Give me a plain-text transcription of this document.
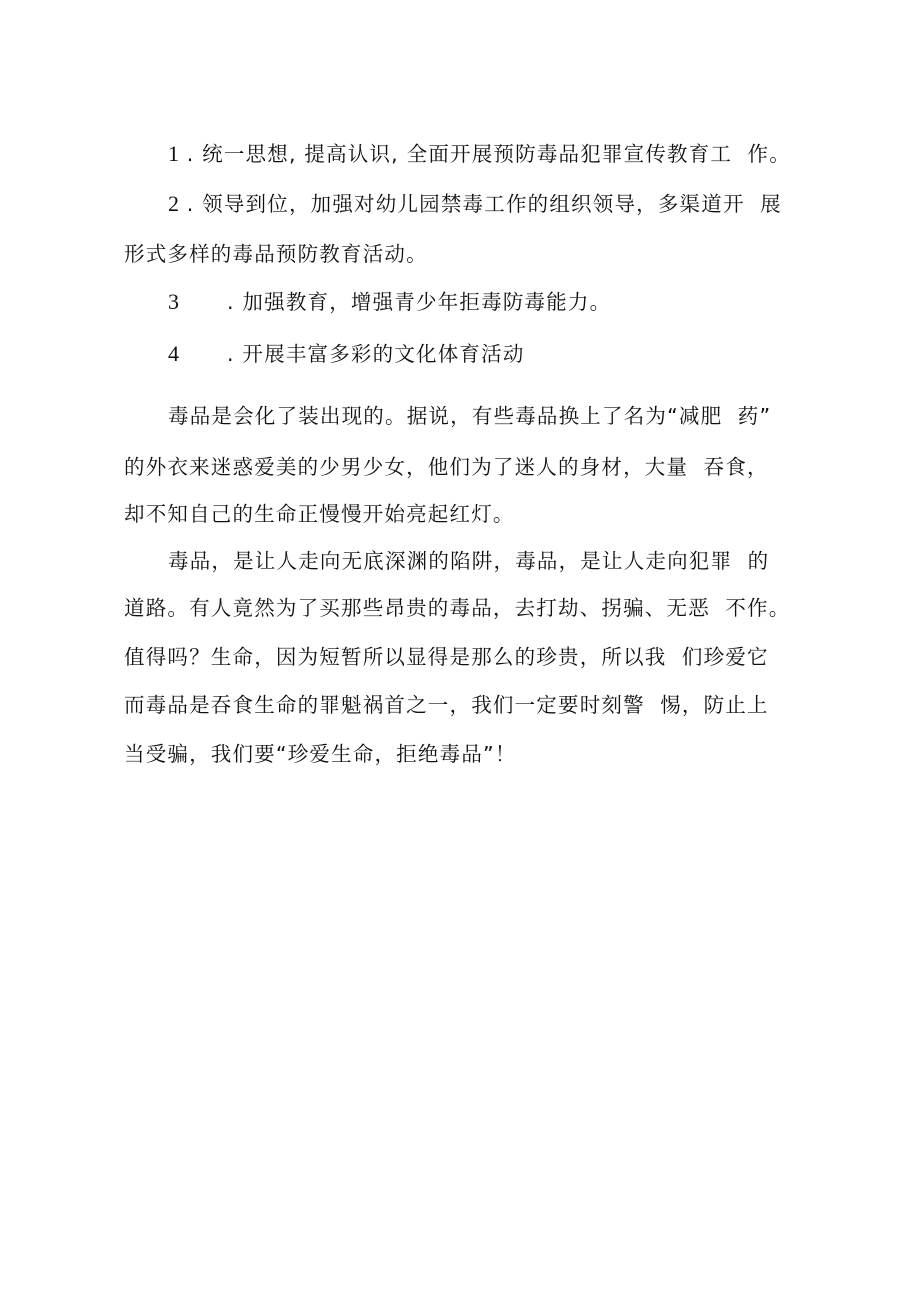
1 . 统一思想, 提高认识, 全面开展预防毒品犯罪宣传教育工  作。
2 . 领导到位，加强对幼儿园禁毒工作的组织领导，多渠道开  展
形式多样的毒品预防教育活动。
3 . 加强教育，增强青少年拒毒防毒能力。
4 . 开展丰富多彩的文化体育活动
毒品是会化了装出现的。据说，有些毒品换上了名为“减肥  药”
的外衣来迷惑爱美的少男少女，他们为了迷人的身材，大量  吞食，
却不知自己的生命正慢慢开始亮起红灯。
毒品，是让人走向无底深渊的陷阱，毒品，是让人走向犯罪  的
道路。有人竟然为了买那些昂贵的毒品，去打劫、拐骗、无恶  不作。
值得吗？生命，因为短暂所以显得是那么的珍贵，所以我  们珍爱它
而毒品是吞食生命的罪魁祸首之一，我们一定要时刻警  惕，防止上
当受骗，我们要“珍爱生命，拒绝毒品”！
